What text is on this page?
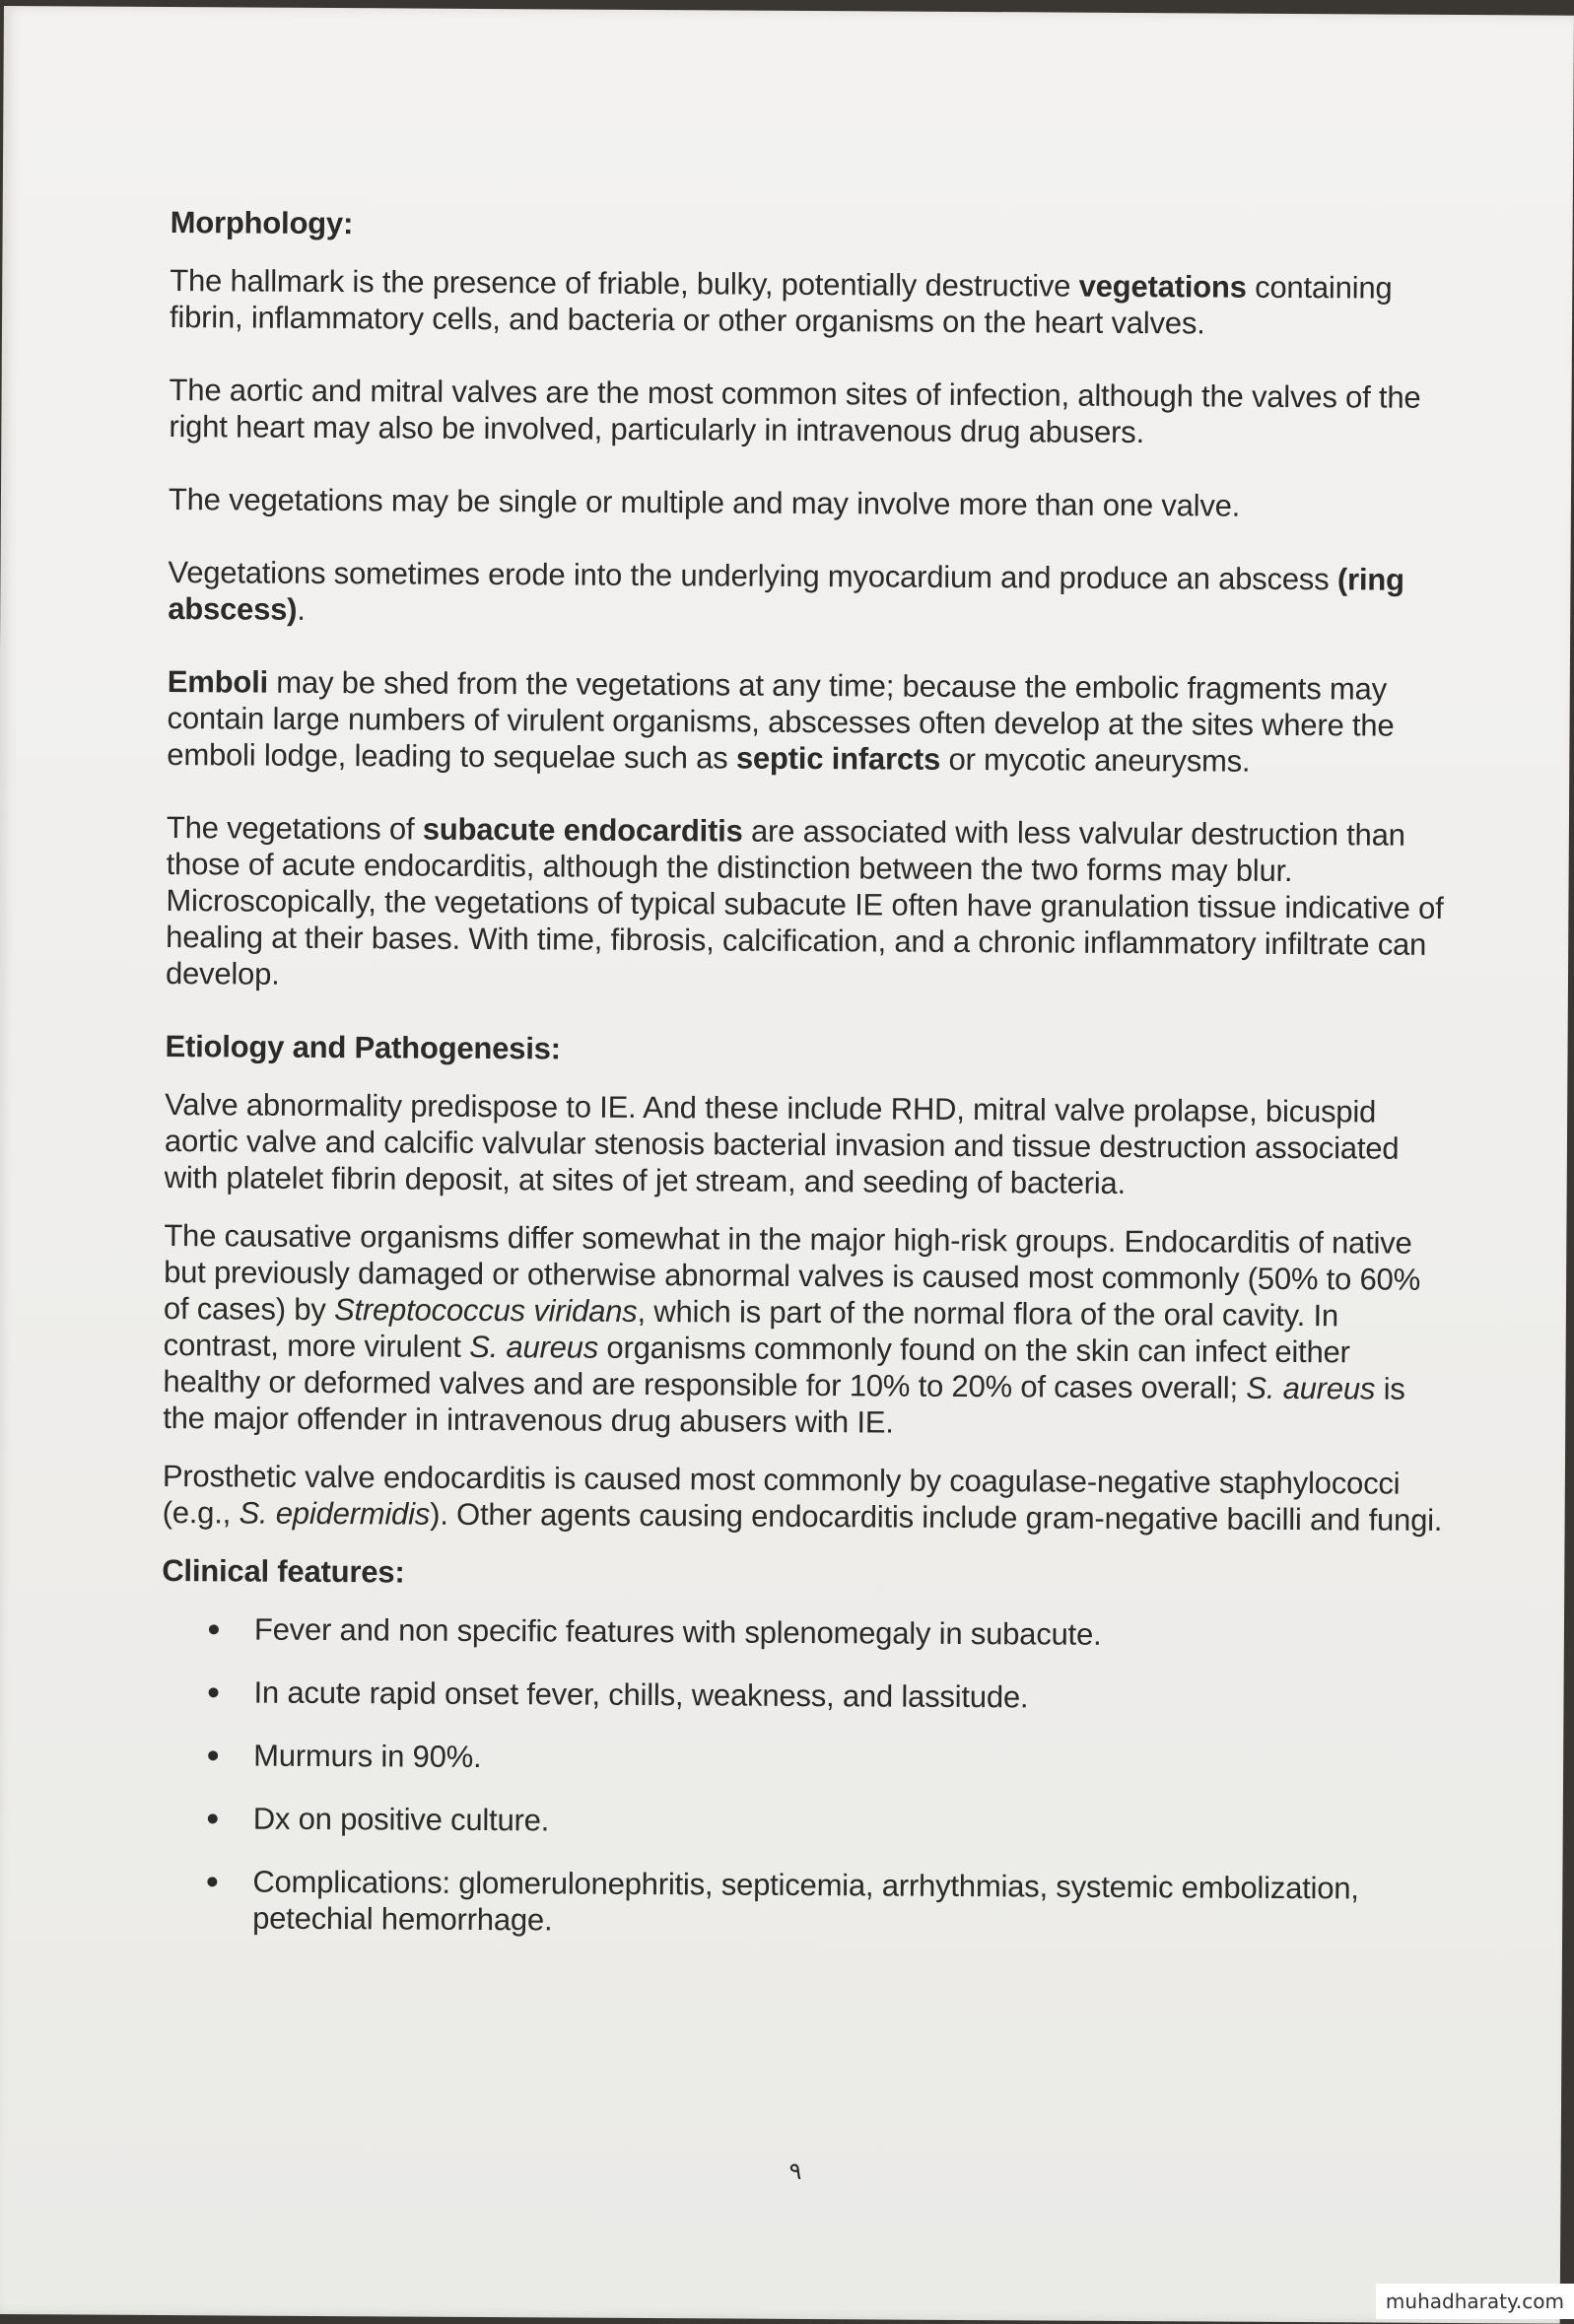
Morphology:
The hallmark is the presence of friable, bulky, potentially destructive vegetations containing fibrin, inflammatory cells, and bacteria or other organisms on the heart valves.
The aortic and mitral valves are the most common sites of infection, although the valves of the right heart may also be involved, particularly in intravenous drug abusers.
The vegetations may be single or multiple and may involve more than one valve.
Vegetations sometimes erode into the underlying myocardium and produce an abscess (ring abscess).
Emboli may be shed from the vegetations at any time; because the embolic fragments may contain large numbers of virulent organisms, abscesses often develop at the sites where the emboli lodge, leading to sequelae such as septic infarcts or mycotic aneurysms.
The vegetations of subacute endocarditis are associated with less valvular destruction than those of acute endocarditis, although the distinction between the two forms may blur. Microscopically, the vegetations of typical subacute IE often have granulation tissue indicative of healing at their bases. With time, fibrosis, calcification, and a chronic inflammatory infiltrate can develop.
Etiology and Pathogenesis:
Valve abnormality predispose to IE. And these include RHD, mitral valve prolapse, bicuspid aortic valve and calcific valvular stenosis bacterial invasion and tissue destruction associated with platelet fibrin deposit, at sites of jet stream, and seeding of bacteria.
The causative organisms differ somewhat in the major high-risk groups. Endocarditis of native but previously damaged or otherwise abnormal valves is caused most commonly (50% to 60% of cases) by Streptococcus viridans, which is part of the normal flora of the oral cavity. In contrast, more virulent S. aureus organisms commonly found on the skin can infect either healthy or deformed valves and are responsible for 10% to 20% of cases overall; S. aureus is the major offender in intravenous drug abusers with IE.
Prosthetic valve endocarditis is caused most commonly by coagulase-negative staphylococci (e.g., S. epidermidis). Other agents causing endocarditis include gram-negative bacilli and fungi.
Clinical features:
Fever and non specific features with splenomegaly in subacute.
In acute rapid onset fever, chills, weakness, and lassitude.
Murmurs in 90%.
Dx on positive culture.
Complications: glomerulonephritis, septicemia, arrhythmias, systemic embolization, petechial hemorrhage.
٩
muhadharaty.com
